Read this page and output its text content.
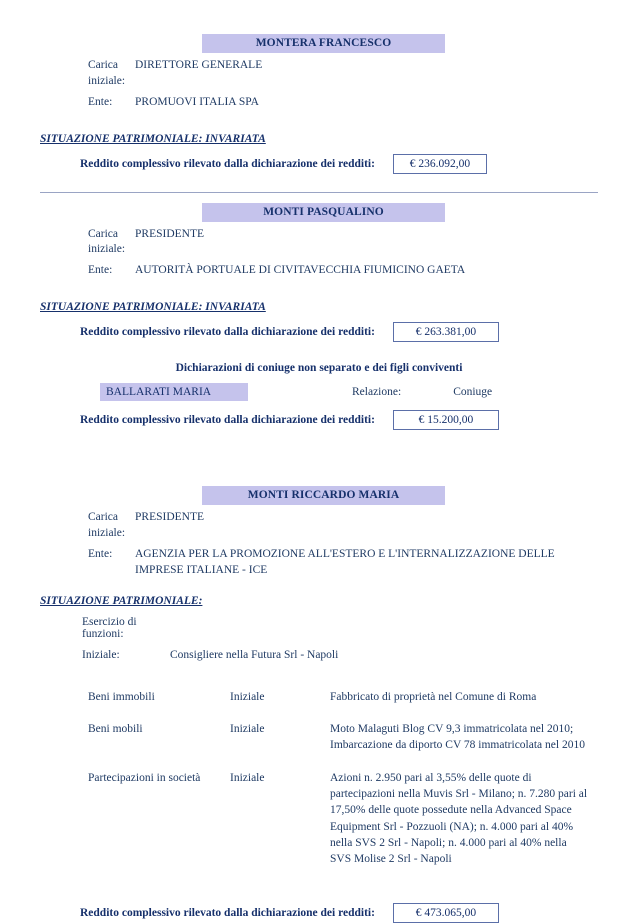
MONTERA FRANCESCO
Carica iniziale:
DIRETTORE GENERALE
Ente:	PROMUOVI ITALIA SPA
SITUAZIONE PATRIMONIALE: INVARIATA
Reddito complessivo rilevato dalla dichiarazione dei redditi:	€ 236.092,00
MONTI PASQUALINO
Carica iniziale:
PRESIDENTE
Ente:	AUTORITÀ PORTUALE DI CIVITAVECCHIA FIUMICINO GAETA
SITUAZIONE PATRIMONIALE: INVARIATA
Reddito complessivo rilevato dalla dichiarazione dei redditi:	€ 263.381,00
Dichiarazioni di coniuge non separato e dei figli conviventi
BALLARATI MARIA	Relazione:	Coniuge
Reddito complessivo rilevato dalla dichiarazione dei redditi:	€ 15.200,00
MONTI RICCARDO MARIA
Carica iniziale:
PRESIDENTE
Ente:	AGENZIA PER LA PROMOZIONE ALL'ESTERO E L'INTERNALIZZAZIONE DELLE IMPRESE ITALIANE - ICE
SITUAZIONE PATRIMONIALE:
Esercizio di funzioni:
Iniziale:	Consigliere nella Futura Srl - Napoli
Beni immobili	Iniziale	Fabbricato di proprietà nel Comune di Roma
Beni mobili	Iniziale	Moto Malaguti Blog CV 9,3 immatricolata nel 2010; Imbarcazione da diporto CV 78 immatricolata nel 2010
Partecipazioni in società	Iniziale	Azioni n. 2.950 pari al 3,55% delle quote di partecipazioni nella Muvis Srl - Milano; n. 7.280 pari al 17,50% delle quote possedute nella Advanced Space Equipment Srl - Pozzuoli (NA); n. 4.000 pari al 40% nella SVS 2 Srl - Napoli; n. 4.000 pari al 40% nella SVS Molise 2 Srl - Napoli
Reddito complessivo rilevato dalla dichiarazione dei redditi:	€ 473.065,00
